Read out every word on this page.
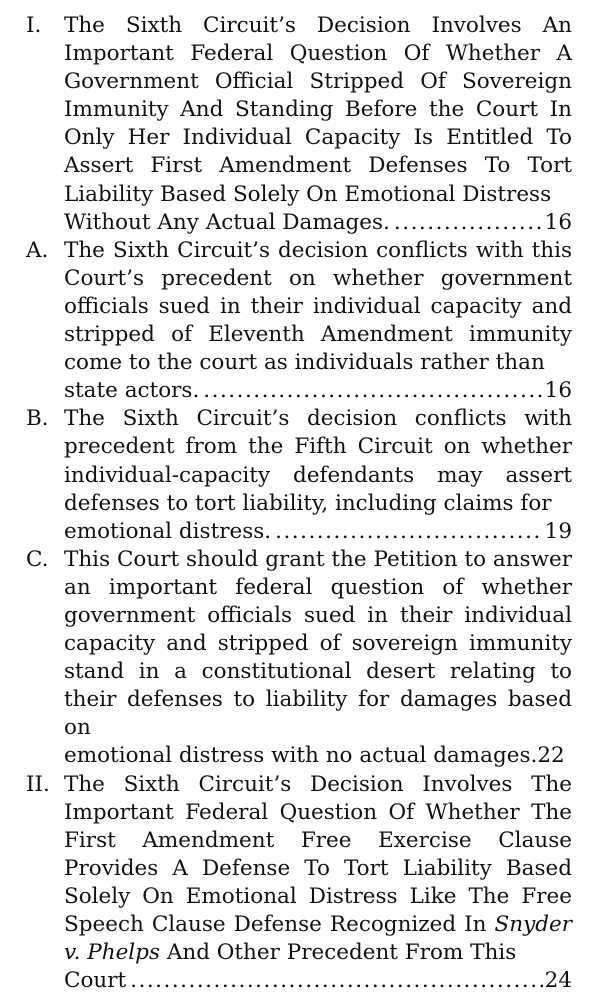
I. The Sixth Circuit’s Decision Involves An Important Federal Question Of Whether A Government Official Stripped Of Sovereign Immunity And Standing Before the Court In Only Her Individual Capacity Is Entitled To Assert First Amendment Defenses To Tort Liability Based Solely On Emotional Distress
Without Any Actual Damages. .....	16
A. The Sixth Circuit’s decision conflicts with this Court’s precedent on whether government officials sued in their individual capacity and stripped of Eleventh Amendment immunity come to the court as individuals rather than
state actors. .....	16
B. The Sixth Circuit’s decision conflicts with precedent from the Fifth Circuit on whether individual-capacity defendants may assert defenses to tort liability, including claims for
emotional distress. .....	19
C. This Court should grant the Petition to answer an important federal question of whether government officials sued in their individual capacity and stripped of sovereign immunity stand in a constitutional desert relating to their defenses to liability for damages based on
emotional distress with no actual damages. 22
II. The Sixth Circuit’s Decision Involves The Important Federal Question Of Whether The First Amendment Free Exercise Clause Provides A Defense To Tort Liability Based Solely On Emotional Distress Like The Free Speech Clause Defense Recognized In Snyder v. Phelps And Other Precedent From This
Court .....	24
